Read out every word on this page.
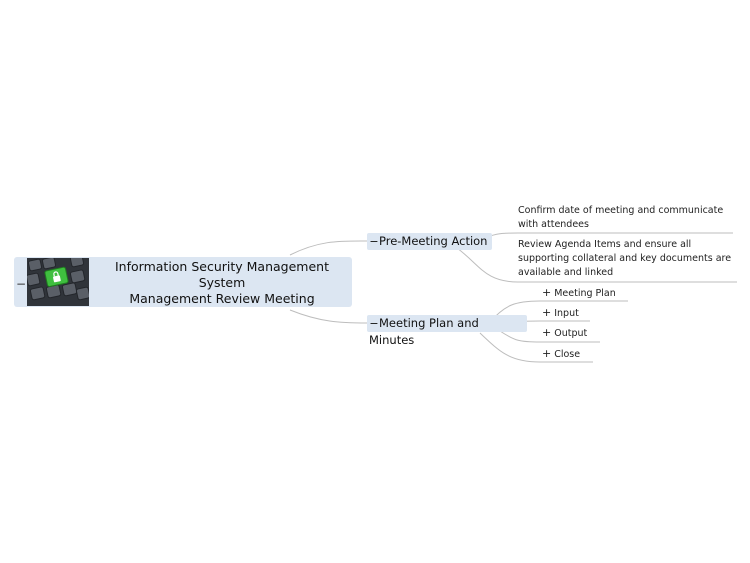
−
Information Security Management System
Management Review Meeting
−Pre-Meeting Action
Confirm date of meeting and communicate
with attendees
Review Agenda Items and ensure all
supporting collateral and key documents are
available and linked
−Meeting Plan and Minutes
+ Meeting Plan
+ Input
+ Output
+ Close
